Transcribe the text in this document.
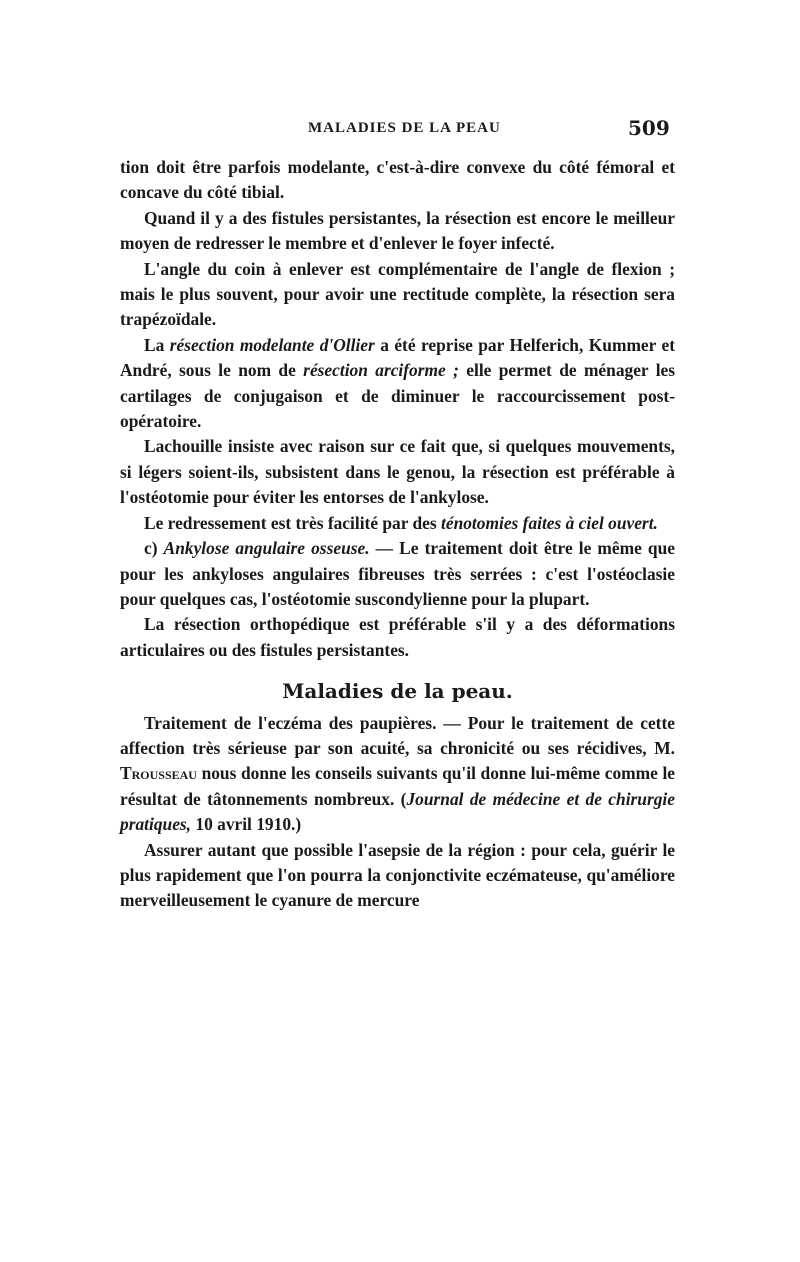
MALADIES DE LA PEAU	509

tion doit être parfois modelante, c'est-à-dire convexe du côté fémoral et concave du côté tibial.

Quand il y a des fistules persistantes, la résection est encore le meilleur moyen de redresser le membre et d'enlever le foyer infecté.

L'angle du coin à enlever est complémentaire de l'angle de flexion ; mais le plus souvent, pour avoir une rectitude complète, la résection sera trapézoïdale.

La résection modelante d'Ollier a été reprise par Helferich, Kummer et André, sous le nom de résection arciforme ; elle permet de ménager les cartilages de conjugaison et de diminuer le raccourcissement post-opératoire.

Lachouille insiste avec raison sur ce fait que, si quelques mouvements, si légers soient-ils, subsistent dans le genou, la résection est préférable à l'ostéotomie pour éviter les entorses de l'ankylose.

Le redressement est très facilité par des ténotomies faites à ciel ouvert.

c) Ankylose angulaire osseuse. — Le traitement doit être le même que pour les ankyloses angulaires fibreuses très serrées : c'est l'ostéoclasie pour quelques cas, l'ostéotomie suscondylienne pour la plupart.

La résection orthopédique est préférable s'il y a des déformations articulaires ou des fistules persistantes.

Maladies de la peau.

Traitement de l'eczéma des paupières. — Pour le traitement de cette affection très sérieuse par son acuité, sa chronicité ou ses récidives, M. Trousseau nous donne les conseils suivants qu'il donne lui-même comme le résultat de tâtonnements nombreux. (Journal de médecine et de chirurgie pratiques, 10 avril 1910.)

Assurer autant que possible l'asepsie de la région : pour cela, guérir le plus rapidement que l'on pourra la conjonctivite eczémateuse, qu'améliore merveilleusement le cyanure de mercure
